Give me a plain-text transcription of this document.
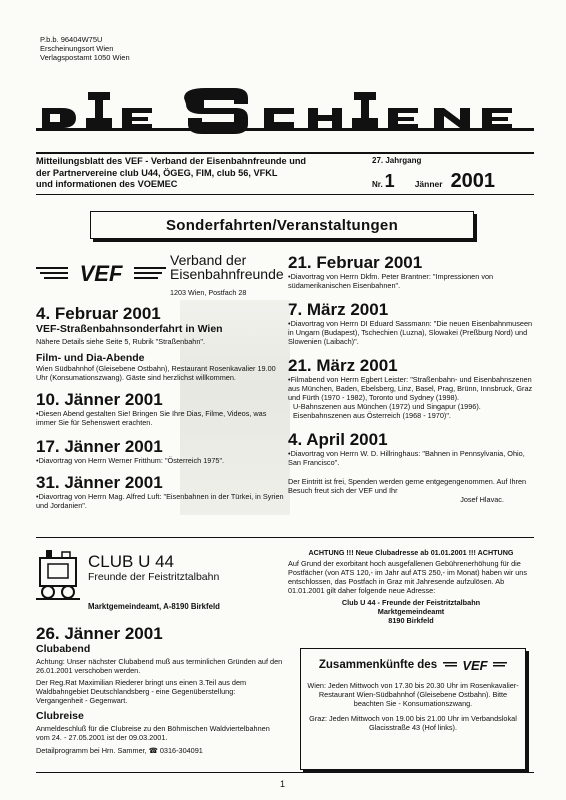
P.b.b. 96404W75U
Erscheinungsort Wien
Verlagspostamt 1050 Wien
Mitteilungsblatt des VEF - Verband der Eisenbahnfreunde und
der Partnervereine club U44, ÖGEG, FIM, club 56, VFKL
und informationen des VOEMEC
27. Jahrgang
Nr. 1 Jänner 2001
Sonderfahrten/Veranstaltungen
VEF
Verband der
Eisenbahnfreunde
1203 Wien, Postfach 28
4. Februar 2001
VEF-Straßenbahnsonderfahrt in Wien
Nähere Details siehe Seite 5, Rubrik "Straßenbahn".
Film- und Dia-Abende
Wien Südbahnhof (Gleisebene Ostbahn), Restaurant Rosenkavalier 19.00 Uhr (Konsumationszwang). Gäste sind herzlichst willkommen.
10. Jänner 2001
• Diesen Abend gestalten Sie! Bringen Sie Ihre Dias, Filme, Videos, was immer Sie für Sehenswert erachten.
17. Jänner 2001
• Diavortrag von Herrn Werner Fritthum: "Österreich 1975".
31. Jänner 2001
• Diavortrag von Herrn Mag. Alfred Luft: "Eisenbahnen in der Türkei, in Syrien und Jordanien".
21. Februar 2001
• Diavortrag von Herrn Dkfm. Peter Brantner: "Impressionen von südamerikanischen Eisenbahnen".
7. März 2001
• Diavortrag von Herrn DI Eduard Sassmann: "Die neuen Eisenbahnmuseen in Ungarn (Budapest), Tschechien (Luzna), Slowakei (Preßburg Nord) und Slowenien (Laibach)".
21. März 2001
• Filmabend von Herrn Egbert Leister: "Straßenbahn- und Eisenbahnszenen aus München, Baden, Ebelsberg, Linz, Basel, Prag, Brünn, Innsbruck, Graz und Fürth (1970 - 1982), Toronto und Sydney (1998).
U-Bahnszenen aus München (1972) und Singapur (1996). Eisenbahnszenen aus Österreich (1968 - 1970)".
4. April 2001
• Diavortrag von Herrn W. D. Hillringhaus: "Bahnen in Pennsylvania, Ohio, San Francisco".
Der Eintritt ist frei, Spenden werden gerne entgegengenommen. Auf Ihren Besuch freut sich der VEF und Ihr
Josef Hlavac.
CLUB U 44
Freunde der Feistritztalbahn
Marktgemeindeamt, A-8190 Birkfeld
26. Jänner 2001
Clubabend
Achtung: Unser nächster Clubabend muß aus terminlichen Gründen auf den 26.01.2001 verschoben werden.
Der Reg.Rat Maximilian Riederer bringt uns einen 3.Teil aus dem Waldbahngebiet Deutschlandsberg - eine Gegenüberstellung: Vergangenheit - Gegenwart.
Clubreise
Anmeldeschluß für die Clubreise zu den Böhmischen Waldviertelbahnen vom 24. - 27.05.2001 ist der 09.03.2001.
Detailprogramm bei Hrn. Sammer, ☎ 0316-304091
ACHTUNG !!! Neue Clubadresse ab 01.01.2001 !!! ACHTUNG
Auf Grund der exorbitant hoch ausgefallenen Gebührenerhöhung für die Postfächer (von ATS 120,- im Jahr auf ATS 250,- im Monat) haben wir uns entschlossen, das Postfach in Graz mit Jahresende aufzulösen. Ab 01.01.2001 gilt daher folgende neue Adresse:
Club U 44 - Freunde der Feistritztalbahn
Marktgemeindeamt
8190 Birkfeld
Zusammenkünfte des VEF
Wien: Jeden Mittwoch von 17.30 bis 20.30 Uhr im Rosenkavalier-Restaurant Wien-Südbahnhof (Gleisebene Ostbahn). Bitte beachten Sie - Konsumationszwang.
Graz: Jeden Mittwoch von 19.00 bis 21.00 Uhr im Verbandslokal Glacisstraße 43 (Hof links).
1
